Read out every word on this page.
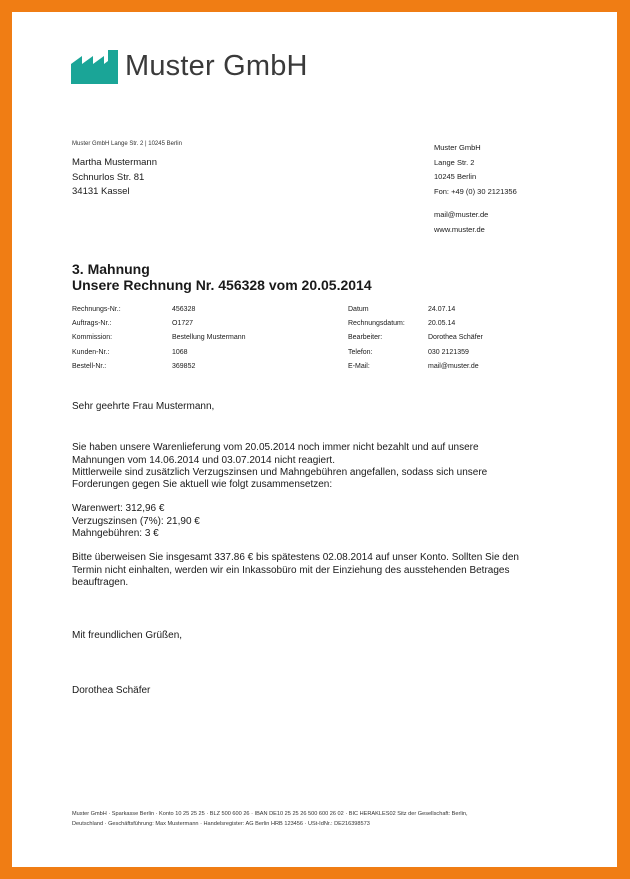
Muster GmbH
Muster GmbH Lange Str. 2 | 10245 Berlin
Martha Mustermann
Schnurlos Str. 81
34131 Kassel
Muster GmbH
Lange Str. 2
10245 Berlin
Fon: +49 (0) 30 2121356
mail@muster.de
www.muster.de
3. Mahnung
Unsere Rechnung Nr. 456328 vom 20.05.2014
Rechnungs-Nr.:	456328	Datum	24.07.14
Auftrags-Nr.:	O1727	Rechnungsdatum:	20.05.14
Kommission:	Bestellung Mustermann	Bearbeiter:	Dorothea Schäfer
Kunden-Nr.:	1068	Telefon:	030 2121359
Bestell-Nr.:	369852	E-Mail:	mail@muster.de

Sehr geehrte Frau Mustermann,

Sie haben unsere Warenlieferung vom 20.05.2014 noch immer nicht bezahlt und auf unsere

Mahnungen vom 14.06.2014 und 03.07.2014 nicht reagiert.

Mittlerweile sind zusätzlich Verzugszinsen und Mahngebühren angefallen, sodass sich unsere

Forderungen gegen Sie aktuell wie folgt zusammensetzen:

Warenwert: 312,96 €

Verzugszinsen (7%): 21,90 €

Mahngebühren: 3 €

Bitte überweisen Sie insgesamt 337.86 € bis spätestens 02.08.2014 auf unser Konto. Sollten Sie den

Termin nicht einhalten, werden wir ein Inkassobüro mit der Einziehung des ausstehenden Betrages

beauftragen.

Mit freundlichen Grüßen,

Dorothea Schäfer

Muster GmbH · Sparkasse Berlin · Konto 10 25 25 25 · BLZ 500 600 26 · IBAN DE10 25 25 26 500 600 26 02 · BIC HERAKLES02 Sitz der Gesellschaft: Berlin,
Deutschland · Geschäftsführung: Max Mustermann · Handelsregister: AG Berlin HRB 123456 · USt-IdNr.: DE216398573
